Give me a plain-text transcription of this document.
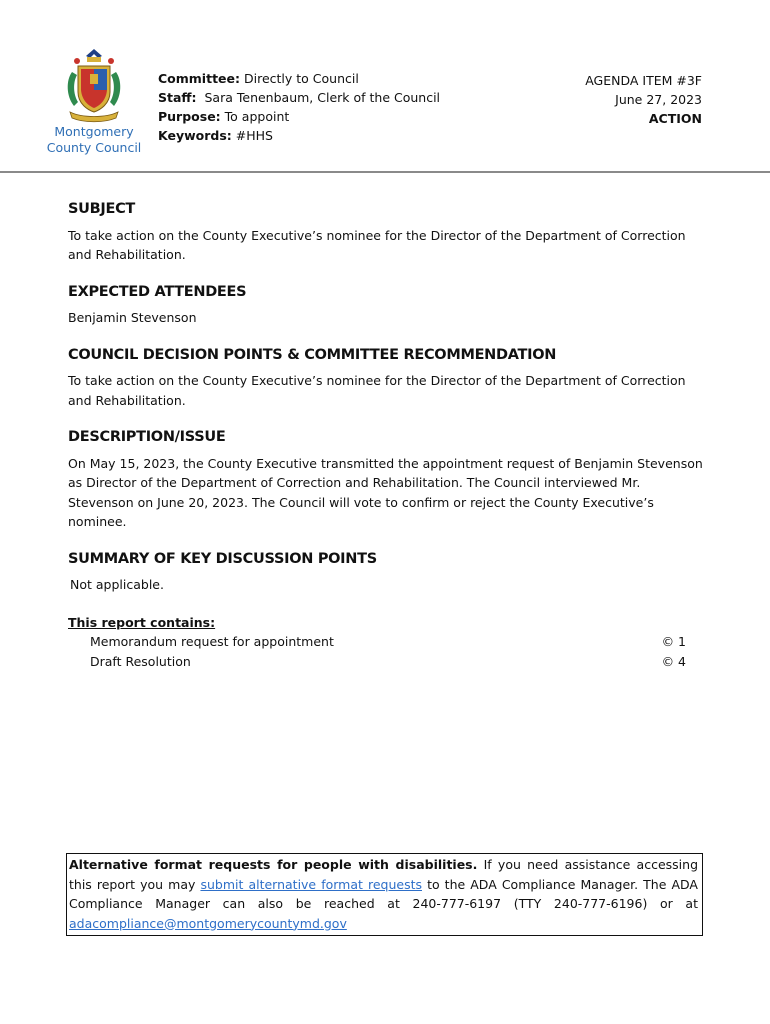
Montgomery
County Council
Committee: Directly to Council
Staff: Sara Tenenbaum, Clerk of the Council
Purpose: To appoint
Keywords: #HHS
AGENDA ITEM #3F
June 27, 2023
ACTION
SUBJECT

To take action on the County Executive’s nominee for the Director of the Department of Correction and Rehabilitation.

EXPECTED ATTENDEES

Benjamin Stevenson

COUNCIL DECISION POINTS & COMMITTEE RECOMMENDATION

To take action on the County Executive’s nominee for the Director of the Department of Correction and Rehabilitation.

DESCRIPTION/ISSUE

On May 15, 2023, the County Executive transmitted the appointment request of Benjamin Stevenson as Director of the Department of Correction and Rehabilitation. The Council interviewed Mr. Stevenson on June 20, 2023. The Council will vote to confirm or reject the County Executive’s nominee.

SUMMARY OF KEY DISCUSSION POINTS

Not applicable.

This report contains:
Memorandum request for appointment	© 1
Draft Resolution	© 4
Alternative format requests for people with disabilities. If you need assistance accessing this report you may submit alternative format requests to the ADA Compliance Manager. The ADA Compliance Manager can also be reached at 240-777-6197 (TTY 240-777-6196) or at adacompliance@montgomerycountymd.gov
